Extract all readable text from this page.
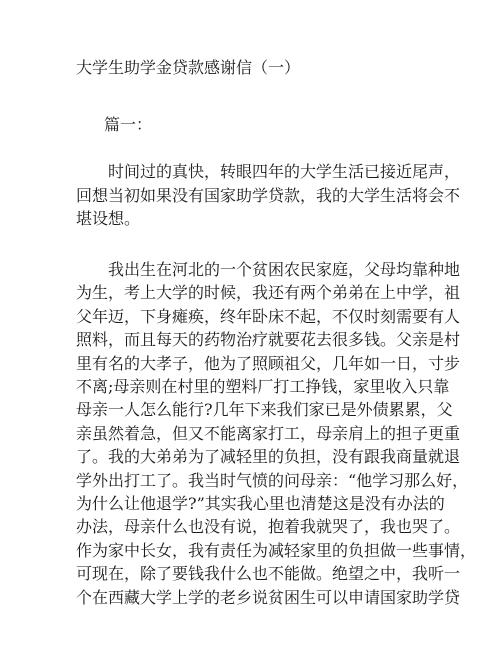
大学生助学金贷款感谢信（一）
篇一：
　　时间过的真快，转眼四年的大学生活已接近尾声，
回想当初如果没有国家助学贷款，我的大学生活将会不
堪设想。
　　我出生在河北的一个贫困农民家庭，父母均靠种地
为生，考上大学的时候，我还有两个弟弟在上中学，祖
父年迈，下身瘫痪，终年卧床不起，不仅时刻需要有人
照料，而且每天的药物治疗就要花去很多钱。父亲是村
里有名的大孝子，他为了照顾祖父，几年如一日，寸步
不离;母亲则在村里的塑料厂打工挣钱，家里收入只靠
母亲一人怎么能行?几年下来我们家已是外债累累，父
亲虽然着急，但又不能离家打工，母亲肩上的担子更重
了。我的大弟弟为了减轻里的负担，没有跟我商量就退
学外出打工了。我当时气愤的问母亲：“他学习那么好，
为什么让他退学?”其实我心里也清楚这是没有办法的
办法，母亲什么也没有说，抱着我就哭了，我也哭了。
作为家中长女，我有责任为减轻家里的负担做一些事情，
可现在，除了要钱我什么也不能做。绝望之中，我听一
个在西藏大学上学的老乡说贫困生可以申请国家助学贷
